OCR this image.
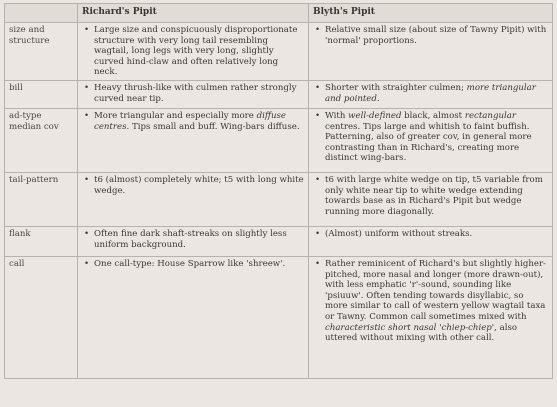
	Richard's Pipit	Blyth's Pipit
size and structure	• Large size and conspicuously disproportionate structure with very long tail resembling wagtail, long legs with very long, slightly curved hind-claw and often relatively long neck.	• Relative small size (about size of Tawny Pipit) with 'normal' proportions.

bill	• Heavy thrush-like with culmen rather strongly curved near tip.	• Shorter with straighter culmen; more triangular and pointed.

ad-type median cov	• More triangular and especially more diffuse centres. Tips small and buff. Wing-bars diffuse.	• With well-defined black, almost rectangular centres. Tips large and whitish to faint buffish. Patterning, also of greater cov, in general more contrasting than in Richard's, creating more distinct wing-bars.

tail-pattern	• t6 (almost) completely white; t5 with long white wedge.	• t6 with large white wedge on tip, t5 variable from only white near tip to white wedge extending towards base as in Richard's Pipit but wedge running more diagonally.

flank	• Often fine dark shaft-streaks on slightly less uniform background.	• (Almost) uniform without streaks.

call	• One call-type: House Sparrow like 'shreew'.	• Rather reminicent of Richard's but slightly higher-pitched, more nasal and longer (more drawn-out), with less emphatic 'r'-sound, sounding like 'psiuuw'. Often tending towards disyllabic, so more similar to call of western yellow wagtail taxa or Tawny. Common call sometimes mixed with characteristic short nasal 'chiep-chiep', also uttered without mixing with other call.
